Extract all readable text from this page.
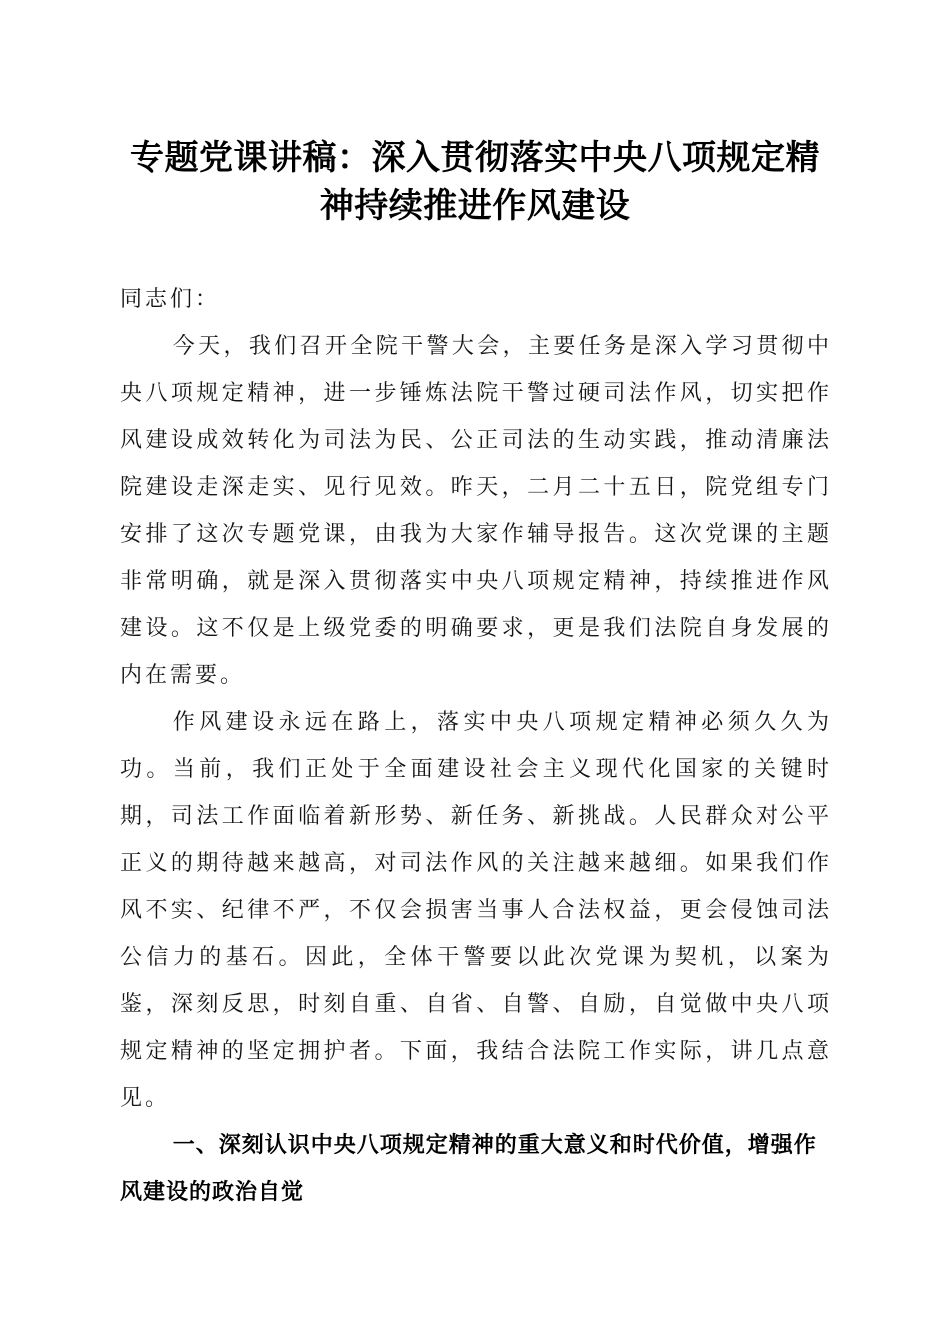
专题党课讲稿：深入贯彻落实中央八项规定精
神持续推进作风建设

同志们：

今天，我们召开全院干警大会，主要任务是深入学习贯彻中央八项规定精神，进一步锤炼法院干警过硬司法作风，切实把作风建设成效转化为司法为民、公正司法的生动实践，推动清廉法院建设走深走实、见行见效。昨天，二月二十五日，院党组专门安排了这次专题党课，由我为大家作辅导报告。这次党课的主题非常明确，就是深入贯彻落实中央八项规定精神，持续推进作风建设。这不仅是上级党委的明确要求，更是我们法院自身发展的内在需要。

作风建设永远在路上，落实中央八项规定精神必须久久为功。当前，我们正处于全面建设社会主义现代化国家的关键时期，司法工作面临着新形势、新任务、新挑战。人民群众对公平正义的期待越来越高，对司法作风的关注越来越细。如果我们作风不实、纪律不严，不仅会损害当事人合法权益，更会侵蚀司法公信力的基石。因此，全体干警要以此次党课为契机，以案为鉴，深刻反思，时刻自重、自省、自警、自励，自觉做中央八项规定精神的坚定拥护者。下面，我结合法院工作实际，讲几点意见。

一、深刻认识中央八项规定精神的重大意义和时代价值，增强作风建设的政治自觉
